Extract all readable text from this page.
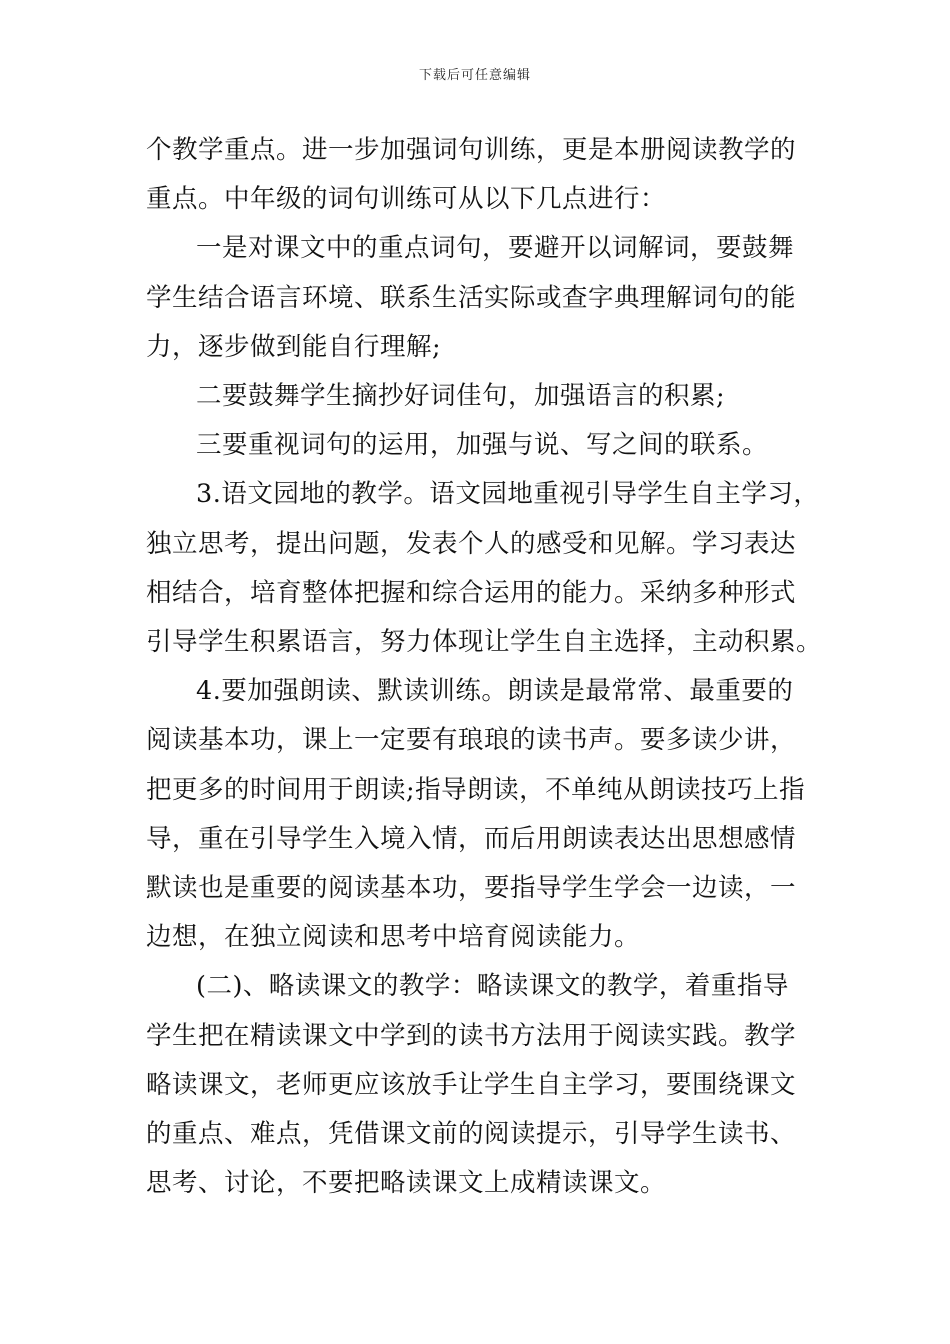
下载后可任意编辑
个教学重点。进一步加强词句训练，更是本册阅读教学的
重点。中年级的词句训练可从以下几点进行：
一是对课文中的重点词句，要避开以词解词，要鼓舞
学生结合语言环境、联系生活实际或查字典理解词句的能
力，逐步做到能自行理解;
二要鼓舞学生摘抄好词佳句，加强语言的积累;
三要重视词句的运用，加强与说、写之间的联系。
3.语文园地的教学。语文园地重视引导学生自主学习，
独立思考，提出问题，发表个人的感受和见解。学习表达
相结合，培育整体把握和综合运用的能力。采纳多种形式
引导学生积累语言，努力体现让学生自主选择，主动积累。
4.要加强朗读、默读训练。朗读是最常常、最重要的
阅读基本功，课上一定要有琅琅的读书声。要多读少讲，
把更多的时间用于朗读;指导朗读，不单纯从朗读技巧上指
导，重在引导学生入境入情，而后用朗读表达出思想感情
默读也是重要的阅读基本功，要指导学生学会一边读，一
边想，在独立阅读和思考中培育阅读能力。
(二)、略读课文的教学：略读课文的教学，着重指导
学生把在精读课文中学到的读书方法用于阅读实践。教学
略读课文，老师更应该放手让学生自主学习，要围绕课文
的重点、难点，凭借课文前的阅读提示，引导学生读书、
思考、讨论，不要把略读课文上成精读课文。
